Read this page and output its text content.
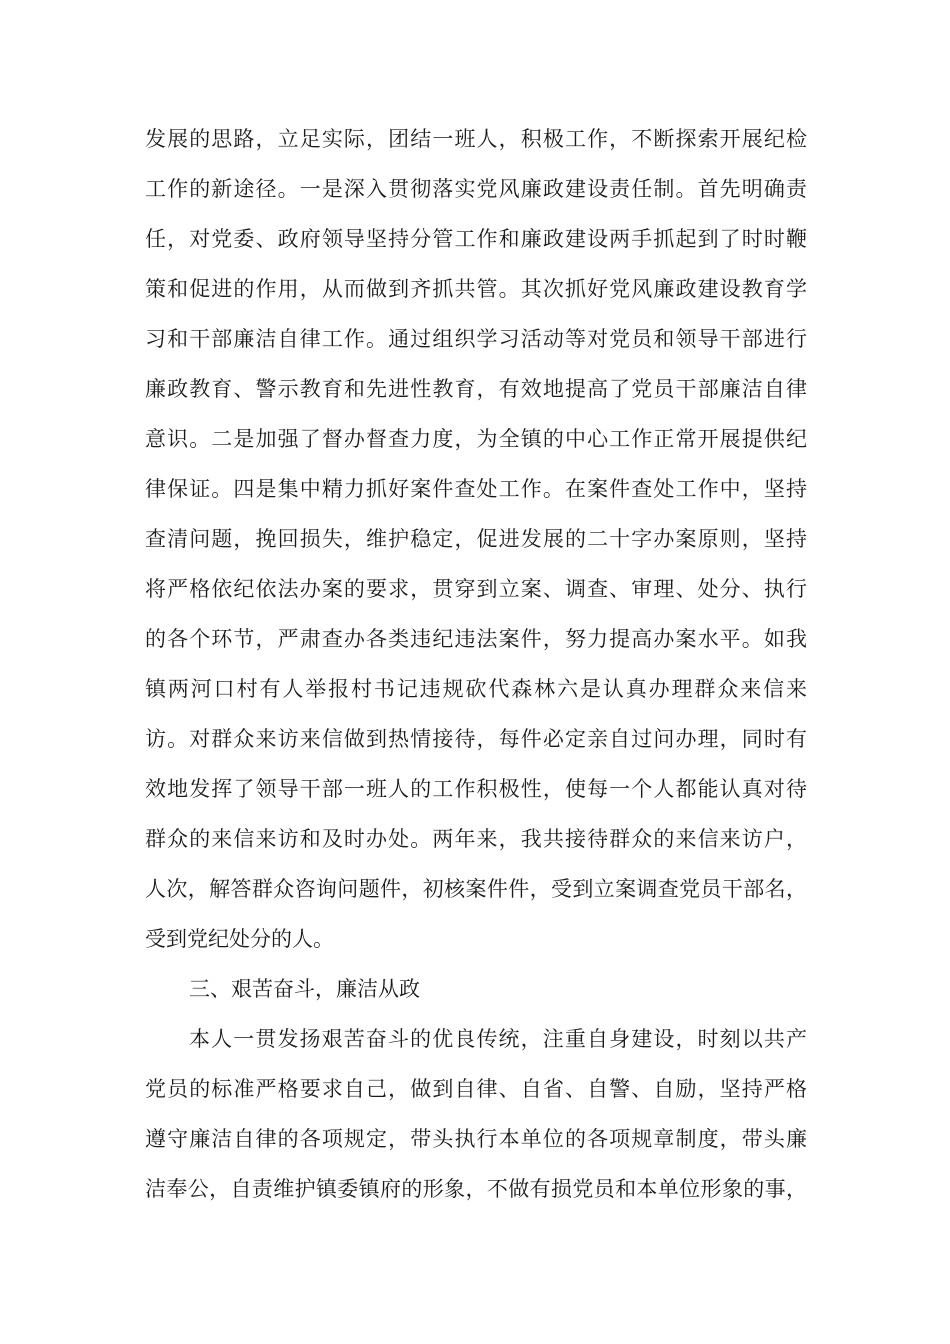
发展的思路，立足实际，团结一班人，积极工作，不断探索开展纪检
工作的新途径。一是深入贯彻落实党风廉政建设责任制。首先明确责
任，对党委、政府领导坚持分管工作和廉政建设两手抓起到了时时鞭
策和促进的作用，从而做到齐抓共管。其次抓好党风廉政建设教育学
习和干部廉洁自律工作。通过组织学习活动等对党员和领导干部进行
廉政教育、警示教育和先进性教育，有效地提高了党员干部廉洁自律
意识。二是加强了督办督查力度，为全镇的中心工作正常开展提供纪
律保证。四是集中精力抓好案件查处工作。在案件查处工作中，坚持
查清问题，挽回损失，维护稳定，促进发展的二十字办案原则，坚持
将严格依纪依法办案的要求，贯穿到立案、调查、审理、处分、执行
的各个环节，严肃查办各类违纪违法案件，努力提高办案水平。如我
镇两河口村有人举报村书记违规砍代森林六是认真办理群众来信来
访。对群众来访来信做到热情接待，每件必定亲自过问办理，同时有
效地发挥了领导干部一班人的工作积极性，使每一个人都能认真对待
群众的来信来访和及时办处。两年来，我共接待群众的来信来访户，
人次，解答群众咨询问题件，初核案件件，受到立案调查党员干部名，
受到党纪处分的人。
三、艰苦奋斗，廉洁从政
本人一贯发扬艰苦奋斗的优良传统，注重自身建设，时刻以共产
党员的标准严格要求自己，做到自律、自省、自警、自励，坚持严格
遵守廉洁自律的各项规定，带头执行本单位的各项规章制度，带头廉
洁奉公，自责维护镇委镇府的形象，不做有损党员和本单位形象的事，
